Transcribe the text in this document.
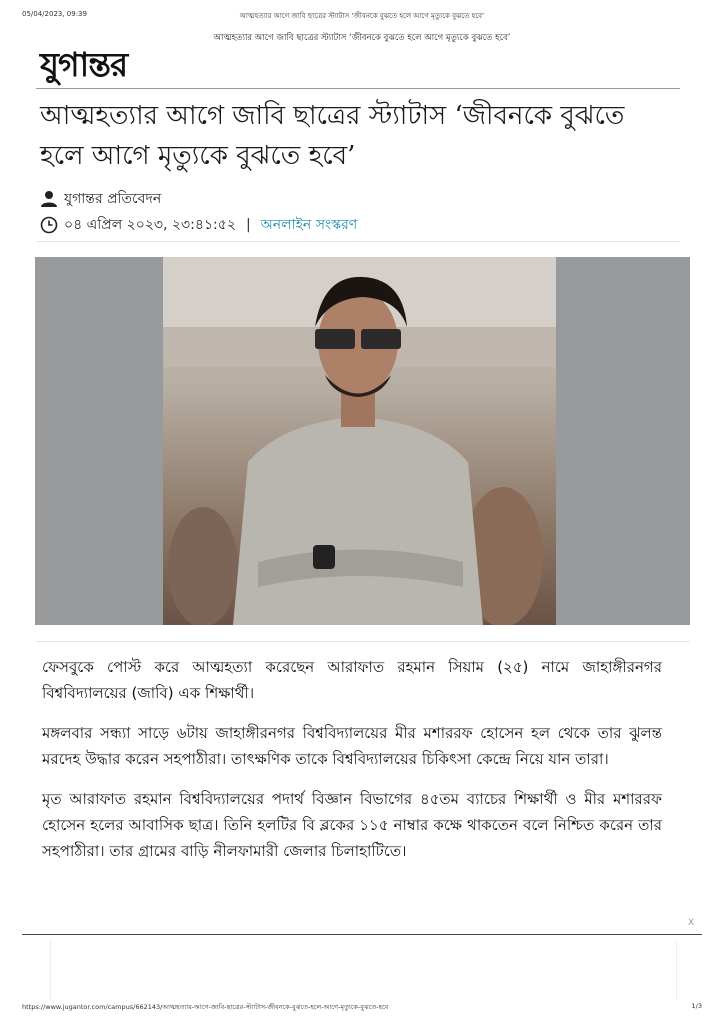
05/04/2023, 09:39	আত্মহত্যার আগে জাবি ছাত্রের স্ট্যাটাস ‘জীবনকে বুঝতে হলে আগে মৃত্যুকে বুঝতে হবে’
আত্মহত্যার আগে জাবি ছাত্রের স্ট্যাটাস ‘জীবনকে বুঝতে হলে আগে মৃত্যুকে বুঝতে হবে’
যুগান্তর
আত্মহত্যার আগে জাবি ছাত্রের স্ট্যাটাস ‘জীবনকে বুঝতে হলে আগে মৃত্যুকে বুঝতে হবে’
যুগান্তর প্রতিবেদন
০৪ এপ্রিল ২০২৩, ২৩:৪১:৫২ | অনলাইন সংস্করণ

ফেসবুকে পোস্ট করে আত্মহত্যা করেছেন আরাফাত রহমান সিয়াম (২৫) নামে জাহাঙ্গীরনগর বিশ্ববিদ্যালয়ের (জাবি) এক শিক্ষার্থী।

মঙ্গলবার সন্ধ্যা সাড়ে ৬টায় জাহাঙ্গীরনগর বিশ্ববিদ্যালয়ের মীর মশাররফ হোসেন হল থেকে তার ঝুলন্ত মরদেহ উদ্ধার করেন সহপাঠীরা। তাৎক্ষণিক তাকে বিশ্ববিদ্যালয়ের চিকিৎসা কেন্দ্রে নিয়ে যান তারা।

মৃত আরাফাত রহমান বিশ্ববিদ্যালয়ের পদার্থ বিজ্ঞান বিভাগের ৪৫তম ব্যাচের শিক্ষার্থী ও মীর মশাররফ হোসেন হলের আবাসিক ছাত্র। তিনি হলটির বি ব্লকের ১১৫ নাম্বার কক্ষে থাকতেন বলে নিশ্চিত করেন তার সহপাঠীরা। তার গ্রামের বাড়ি নীলফামারী জেলার চিলাহাটিতে।

X
https://www.jugantor.com/campus/662143/আত্মহত্যার-আগে-জাবি-ছাত্রের-স্ট্যাটাস-জীবনকে-বুঝতে-হলে-আগে-মৃত্যুকে-বুঝতে-হবে	1/3
